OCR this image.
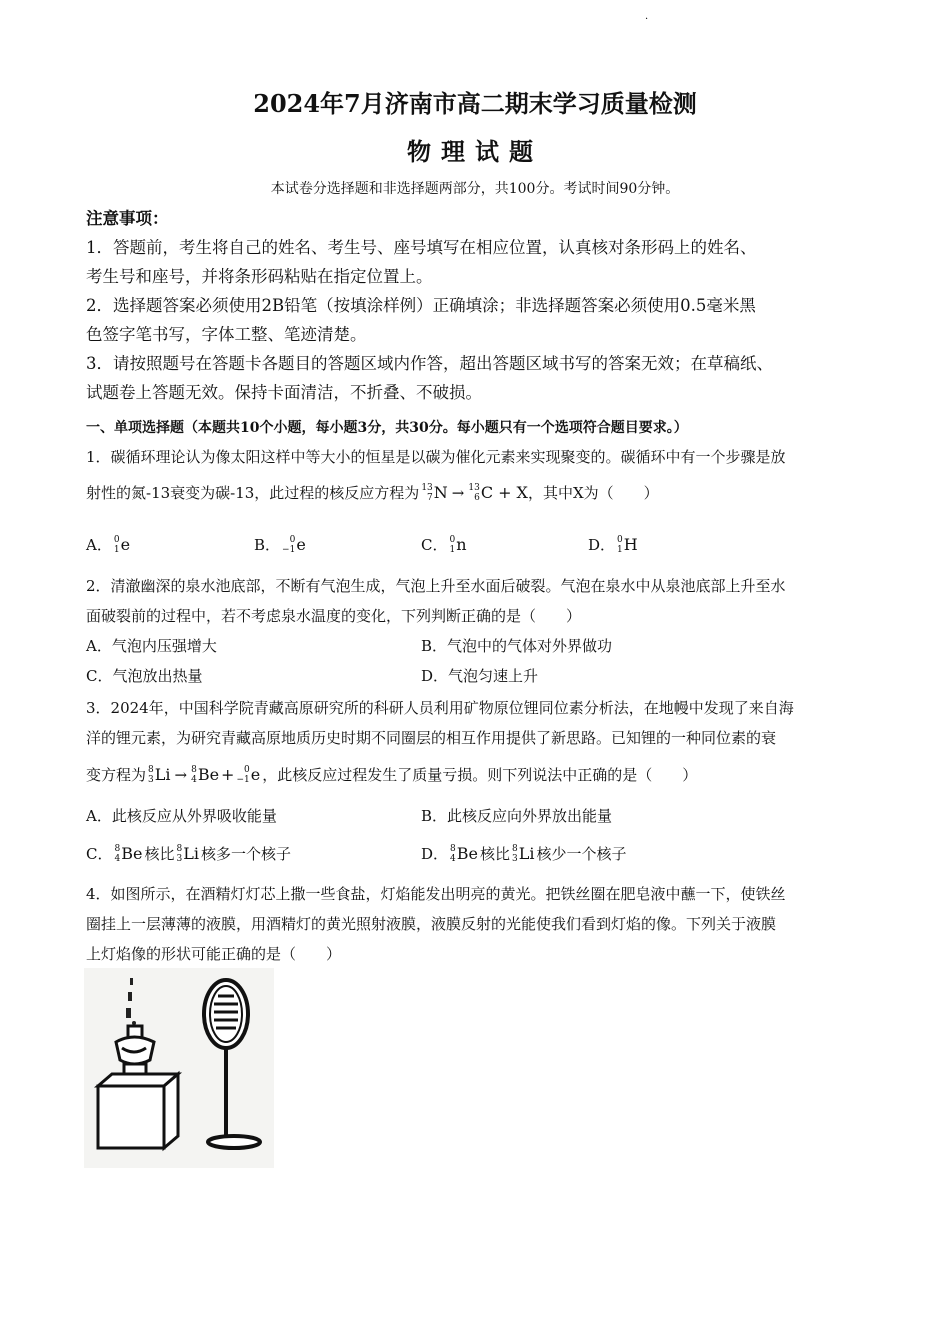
·
2024年7月济南市高二期末学习质量检测
物理试题
本试卷分选择题和非选择题两部分，共100分。考试时间90分钟。
注意事项：
1．答题前，考生将自己的姓名、考生号、座号填写在相应位置，认真核对条形码上的姓名、
考生号和座号，并将条形码粘贴在指定位置上。
2．选择题答案必须使用2B铅笔（按填涂样例）正确填涂；非选择题答案必须使用0.5毫米黑
色签字笔书写，字体工整、笔迹清楚。
3．请按照题号在答题卡各题目的答题区域内作答，超出答题区域书写的答案无效；在草稿纸、
试题卷上答题无效。保持卡面清洁，不折叠、不破损。
一、单项选择题（本题共10个小题，每小题3分，共30分。每小题只有一个选项符合题目要求。）
1．碳循环理论认为像太阳这样中等大小的恒星是以碳为催化元素来实现聚变的。碳循环中有一个步骤是放
射性的氮-13衰变为碳-13，此过程的核反应方程为 13
7 N → 13
6 C + X ，其中X为（　　）
A． 0
1 e	B．	0
−1 e	C． 0
1 n	D． 0
1 H
2．清澈幽深的泉水池底部，不断有气泡生成，气泡上升至水面后破裂。气泡在泉水中从泉池底部上升至水
面破裂前的过程中，若不考虑泉水温度的变化，下列判断正确的是（　　）
A．气泡内压强增大	B．气泡中的气体对外界做功
C．气泡放出热量	D．气泡匀速上升
3．2024年，中国科学院青藏高原研究所的科研人员利用矿物原位锂同位素分析法，在地幔中发现了来自海
洋的锂元素，为研究青藏高原地质历史时期不同圈层的相互作用提供了新思路。已知锂的一种同位素的衰
变方程为 8
3 Li → 8
4 Be +	0
−1 e ，此核反应过程发生了质量亏损。则下列说法中正确的是（　　）
A．此核反应从外界吸收能量	B．此核反应向外界放出能量
C． 8
4 Be 核比 8
3 Li 核多一个核子	D． 8
4 Be 核比 8
3 Li 核少一个核子
4．如图所示，在酒精灯灯芯上撒一些食盐，灯焰能发出明亮的黄光。把铁丝圈在肥皂液中蘸一下，使铁丝
圈挂上一层薄薄的液膜，用酒精灯的黄光照射液膜，液膜反射的光能使我们看到灯焰的像。下列关于液膜
上灯焰像的形状可能正确的是（　　）
